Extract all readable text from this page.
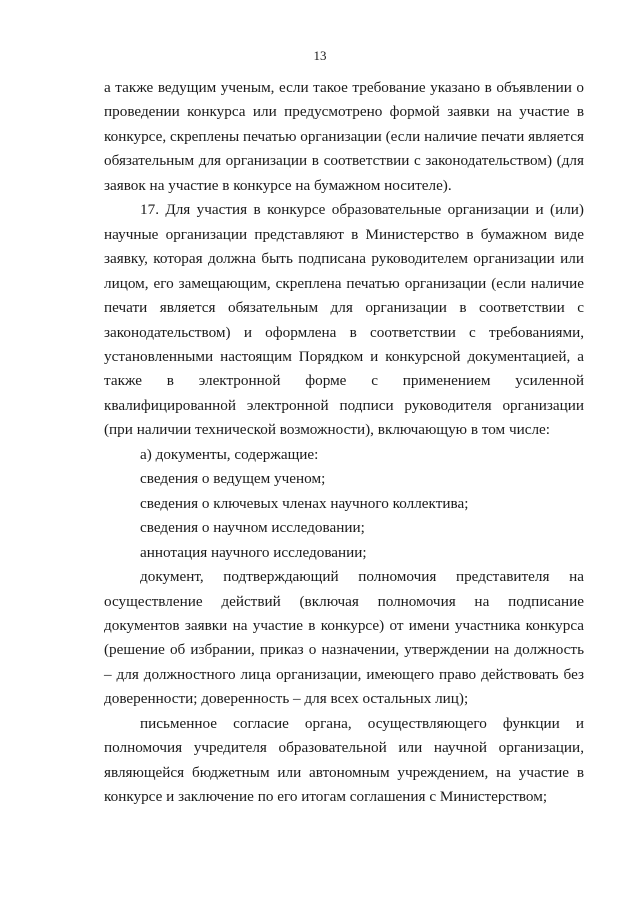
13

а также ведущим ученым, если такое требование указано в объявлении о проведении конкурса или предусмотрено формой заявки на участие в конкурсе, скреплены печатью организации (если наличие печати является обязательным для организации в соответствии с законодательством) (для заявок на участие в конкурсе на бумажном носителе).

17. Для участия в конкурсе образовательные организации и (или) научные организации представляют в Министерство в бумажном виде заявку, которая должна быть подписана руководителем организации или лицом, его замещающим, скреплена печатью организации (если наличие печати является обязательным для организации в соответствии с законодательством) и оформлена в соответствии с требованиями, установленными настоящим Порядком и конкурсной документацией, а также в электронной форме с применением усиленной квалифицированной электронной подписи руководителя организации (при наличии технической возможности), включающую в том числе:

а) документы, содержащие:

сведения о ведущем ученом;

сведения о ключевых членах научного коллектива;

сведения о научном исследовании;

аннотация научного исследовании;

документ, подтверждающий полномочия представителя на осуществление действий (включая полномочия на подписание документов заявки на участие в конкурсе) от имени участника конкурса (решение об избрании, приказ о назначении, утверждении на должность – для должностного лица организации, имеющего право действовать без доверенности; доверенность – для всех остальных лиц);

письменное согласие органа, осуществляющего функции и полномочия учредителя образовательной или научной организации, являющейся бюджетным или автономным учреждением, на участие в конкурсе и заключение по его итогам соглашения с Министерством;
